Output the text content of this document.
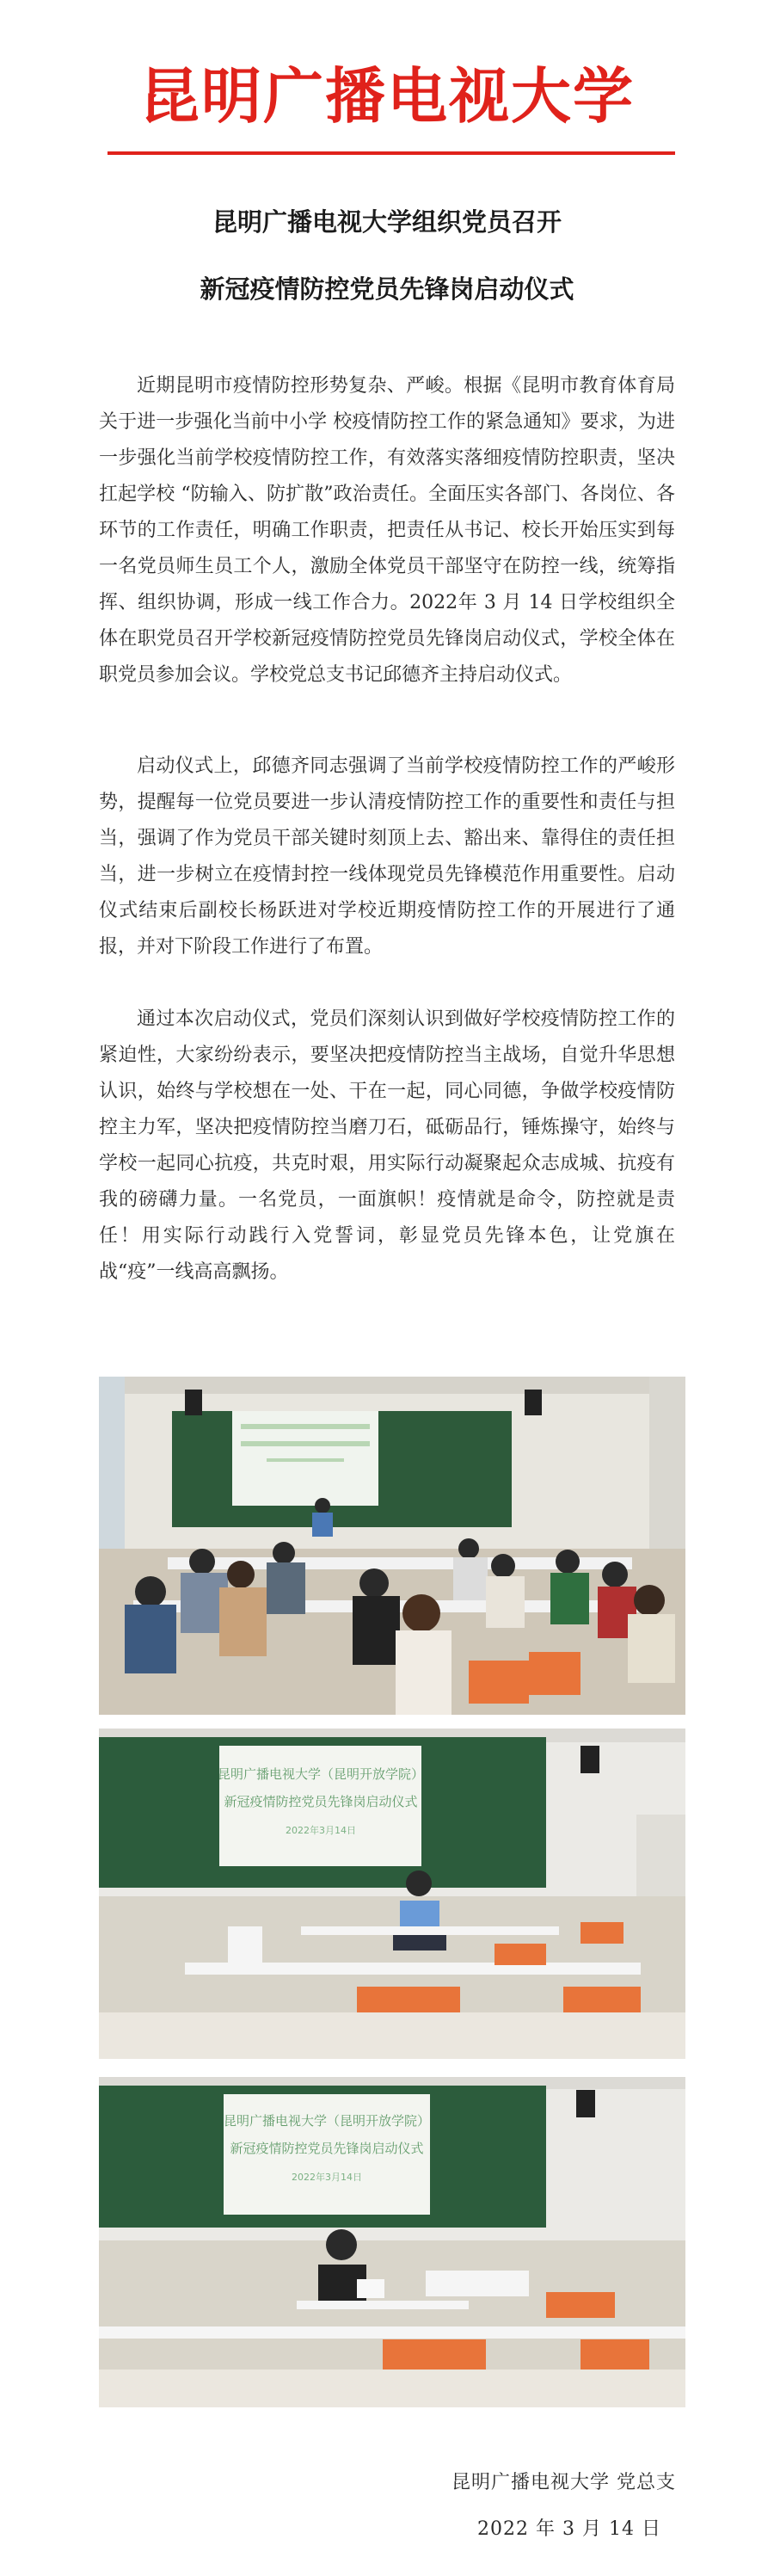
昆明广播电视大学
昆明广播电视大学组织党员召开
新冠疫情防控党员先锋岗启动仪式

近期昆明市疫情防控形势复杂、严峻。根据《昆明市教育体育局关于进一步强化当前中小学 校疫情防控工作的紧急通知》要求，为进一步强化当前学校疫情防控工作，有效落实落细疫情防控职责，坚决扛起学校 “防输入、防扩散”政治责任。全面压实各部门、各岗位、各环节的工作责任，明确工作职责，把责任从书记、校长开始压实到每一名党员师生员工个人，激励全体党员干部坚守在防控一线，统筹指挥、组织协调，形成一线工作合力。2022年 3 月 14 日学校组织全体在职党员召开学校新冠疫情防控党员先锋岗启动仪式，学校全体在职党员参加会议。学校党总支书记邱德齐主持启动仪式。

启动仪式上，邱德齐同志强调了当前学校疫情防控工作的严峻形势，提醒每一位党员要进一步认清疫情防控工作的重要性和责任与担当，强调了作为党员干部关键时刻顶上去、豁出来、靠得住的责任担当，进一步树立在疫情封控一线体现党员先锋模范作用重要性。启动仪式结束后副校长杨跃进对学校近期疫情防控工作的开展进行了通报，并对下阶段工作进行了布置。

通过本次启动仪式，党员们深刻认识到做好学校疫情防控工作的紧迫性，大家纷纷表示，要坚决把疫情防控当主战场，自觉升华思想认识，始终与学校想在一处、干在一起，同心同德，争做学校疫情防控主力军，坚决把疫情防控当磨刀石，砥砺品行，锤炼操守，始终与学校一起同心抗疫，共克时艰，用实际行动凝聚起众志成城、抗疫有我的磅礴力量。一名党员，一面旗帜！疫情就是命令，防控就是责任！用实际行动践行入党誓词，彰显党员先锋本色，让党旗在战“疫”一线高高飘扬。

昆明广播电视大学（昆明开放学院）
新冠疫情防控党员先锋岗启动仪式
2022年3月14日
昆明广播电视大学（昆明开放学院）
新冠疫情防控党员先锋岗启动仪式
2022年3月14日
昆明广播电视大学 党总支
2022 年 3 月 14 日
